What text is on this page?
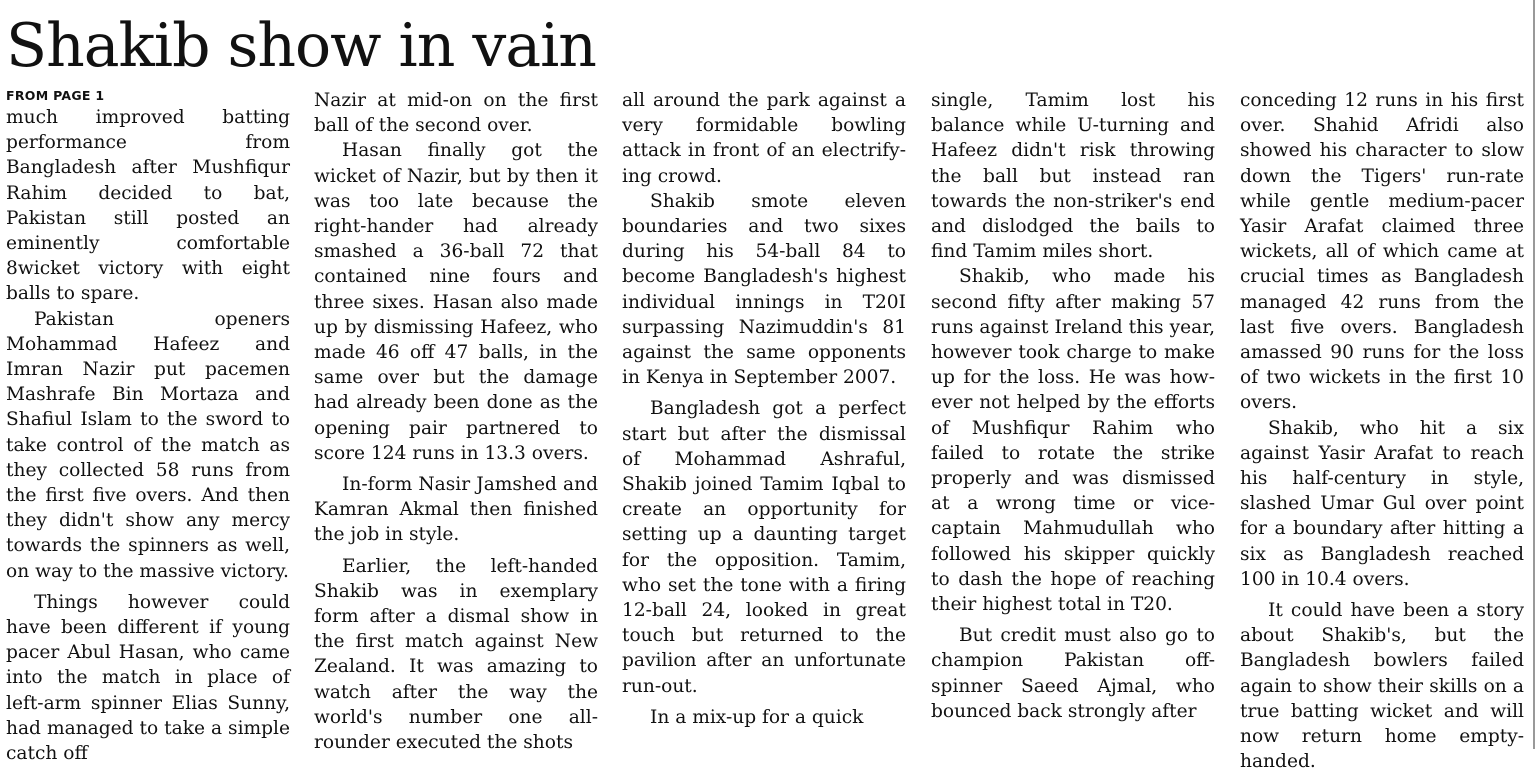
Shakib show in vain
FROM PAGE 1

much improved batting performance from Bangladesh after Mushfiqur Rahim decided to bat, Pakistan still posted an eminently comfortable 8wicket victory with eight balls to spare.

Pakistan openers Mohammad Hafeez and Imran Nazir put pacemen Mashrafe Bin Mortaza and Shafiul Islam to the sword to take control of the match as they collected 58 runs from the first five overs. And then they didn't show any mercy towards the spinners as well, on way to the massive victory.

Things however could have been different if young pacer Abul Hasan, who came into the match in place of left-arm spinner Elias Sunny, had managed to take a simple catch off

Nazir at mid-on on the first ball of the second over.

Hasan finally got the wicket of Nazir, but by then it was too late because the right-hander had already smashed a 36-ball 72 that contained nine fours and three sixes. Hasan also made up by dismissing Hafeez, who made 46 off 47 balls, in the same over but the damage had already been done as the opening pair partnered to score 124 runs in 13.3 overs.

In-form Nasir Jamshed and Kamran Akmal then finished the job in style.

Earlier, the left-handed Shakib was in exemplary form after a dismal show in the first match against New Zealand. It was amazing to watch after the way the world's number one allrounder executed the shots

all around the park against a very formidable bowling attack in front of an electrifying crowd.

Shakib smote eleven boundaries and two sixes during his 54-ball 84 to become Bangladesh's highest individual innings in T20I surpassing Nazimuddin's 81 against the same opponents in Kenya in September 2007.

Bangladesh got a perfect start but after the dismissal of Mohammad Ashraful, Shakib joined Tamim Iqbal to create an opportunity for setting up a daunting target for the opposition. Tamim, who set the tone with a firing 12-ball 24, looked in great touch but returned to the pavilion after an unfortunate run-out.

In a mix-up for a quick

single, Tamim lost his balance while U-turning and Hafeez didn't risk throwing the ball but instead ran towards the non-striker's end and dislodged the bails to find Tamim miles short.

Shakib, who made his second fifty after making 57 runs against Ireland this year, however took charge to make up for the loss. He was however not helped by the efforts of Mushfiqur Rahim who failed to rotate the strike properly and was dismissed at a wrong time or vice-captain Mahmudullah who followed his skipper quickly to dash the hope of reaching their highest total in T20.

But credit must also go to champion Pakistan off-spinner Saeed Ajmal, who bounced back strongly after

conceding 12 runs in his first over. Shahid Afridi also showed his character to slow down the Tigers' run-rate while gentle medium-pacer Yasir Arafat claimed three wickets, all of which came at crucial times as Bangladesh managed 42 runs from the last five overs. Bangladesh amassed 90 runs for the loss of two wickets in the first 10 overs.

Shakib, who hit a six against Yasir Arafat to reach his half-century in style, slashed Umar Gul over point for a boundary after hitting a six as Bangladesh reached 100 in 10.4 overs.

It could have been a story about Shakib's, but the Bangladesh bowlers failed again to show their skills on a true batting wicket and will now return home empty-handed.
